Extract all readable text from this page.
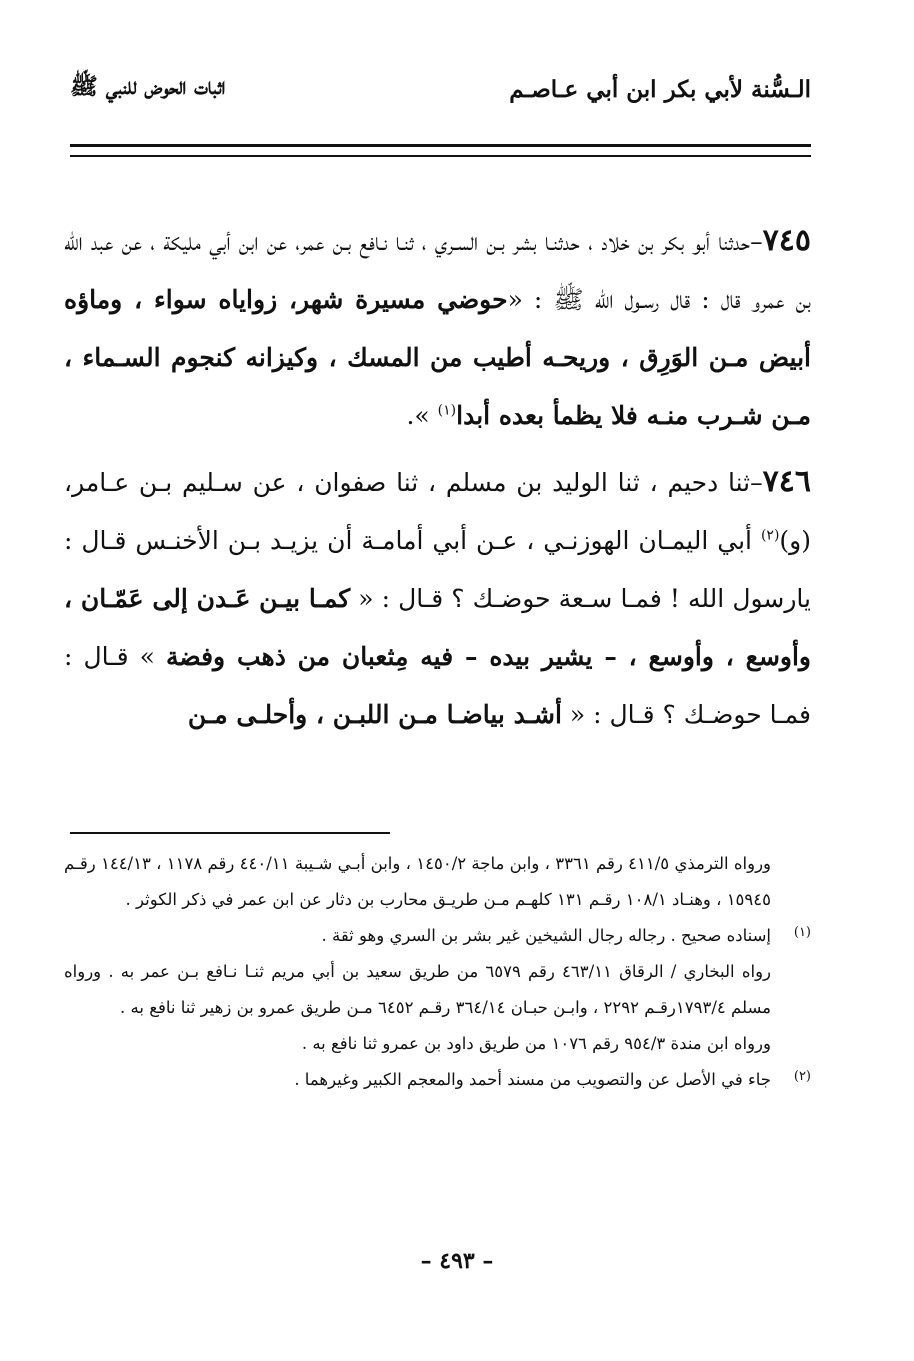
الـسُّنة لأبي بكر ابن أبي عـاصـم
اثبات الحوض للنبي ﷺ

٧٤٥–حدثنا أبو بكر بن خلاد ، حدثنـا بشر بـن السـري ، ثنـا نـافع بـن عمر، عن ابن أبي مليكة ، عن عبد الله بن عمرو قال : قال رسـول الله ﷺ : «حوضي مسيرة شهر، زواياه سواء ، وماؤه أبيض مـن الوَرِق ، وريحـه أطيب من المسك ، وكيزانه كنجوم السـماء ، مـن شـرب منـه فلا يظمأ بعده أبدا$^{(١)}$ ».

٧٤٦–ثنا دحيم ، ثنا الوليد بن مسلم ، ثنا صفوان ، عن سـليم بـن عـامر، (و)$^{(٢)}$ أبي اليمـان الهوزنـي ، عـن أبي أمامـة أن يزيـد بـن الأخنـس قـال : يارسول الله ! فمـا سـعة حوضـك ؟ قـال : « كمـا بيـن عَـدن إلى عَمّـان ، وأوسع ، وأوسع ، – يشير بيده – فيه مِثعبان من ذهب وفضة » قـال : فمـا حوضـك ؟ قـال : « أشـد بياضـا مـن اللبـن ، وأحلـى مـن

ورواه الترمذي ٤١١/٥ رقم ٣٣٦١ ، وابن ماجة ١٤٥٠/٢ ، وابن أبـي شـيبة ٤٤٠/١١ رقم ١١٧٨ ، ١٤٤/١٣ رقـم ١٥٩٤٥ ، وهنـاد ١٠٨/١ رقـم ١٣١ كلهـم مـن طريـق محارب بن دثار عن ابن عمر في ذكر الكوثر .
(١)
إسناده صحيح . رجاله رجال الشيخين غير بشر بن السري وهو ثقة .
رواه البخاري / الرقاق ٤٦٣/١١ رقم ٦٥٧٩ من طريق سعيد بن أبي مريم ثنـا نـافع بـن عمر به . ورواه مسلم ١٧٩٣/٤رقـم ٢٢٩٢ ، وابـن حبـان ٣٦٤/١٤ رقـم ٦٤٥٢ مـن طريق عمرو بن زهير ثنا نافع به .
ورواه ابن مندة ٩٥٤/٣ رقم ١٠٧٦ من طريق داود بن عمرو ثنا نافع به .
(٢)
جاء في الأصل عن والتصويب من مسند أحمد والمعجم الكبير وغيرهما .
– ٤٩٣ –
